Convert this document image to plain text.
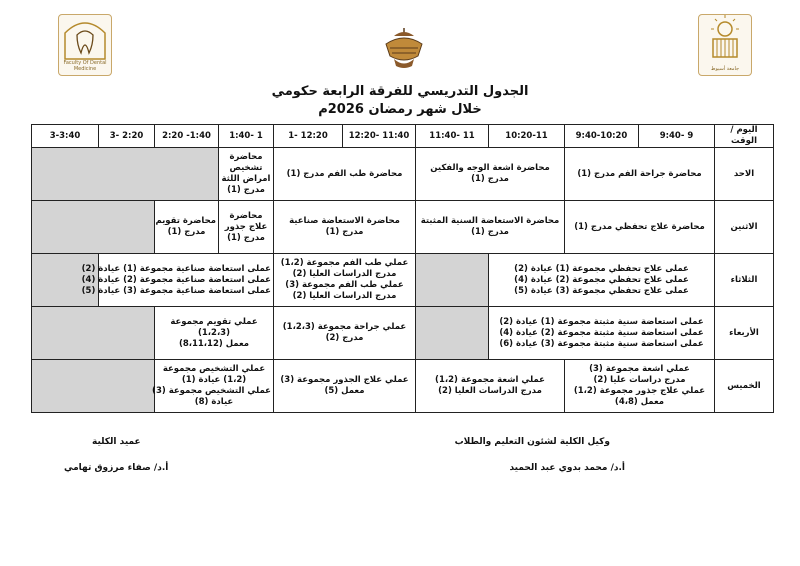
جامعة أسيوط
Faculty Of Dental Medicine
الجدول التدريسي للفرقة الرابعة حكومي
خلال شهر رمضان 2026م
اليوم / الوقت	9 -9:40	9:40-10:20	10:20-11	11 -11:40	11:40 -12:20	12:20 -1	1 -1:40	1:40- 2:20	2:20 -3	3-3:40
الاحد	محاضرة جراحة الفم مدرج (1)		محاضرة اشعة الوجه والفكين
مدرج (1)		محاضرة طب الفم مدرج (1)		محاضرة
تشخيص
امراض اللثة
مدرج (1)			

الاثنين	محاضرة علاج تحفظي مدرج (1)		محاضرة الاستعاضة السنية المثبتة
مدرج (1)		محاضرة الاستعاضة صناعية
مدرج (1)		محاضرة
علاج جذور
مدرج (1)	محاضرة تقويم
مدرج (1)		

الثلاثاء	عملى علاج تحفظي مجموعة (1) عيادة (2)
عملى علاج تحفظي مجموعة (2) عيادة (4)
عملى علاج تحفظي مجموعة (3) عيادة (5)				عملي طب الفم مجموعة (1،2)
مدرج الدراسات العليا (2)
عملي طب الفم مجموعة (3)
مدرج الدراسات العليا (2)		عملى استعاضة صناعية مجموعة (1) عيادة (2)
عملى استعاضة صناعية مجموعة (2) عيادة (4)
عملى استعاضة صناعية مجموعة (3) عيادة (5)			

الأربعاء	عملى استعاضة سنية مثبتة مجموعة (1) عيادة (2)
عملى استعاضة سنية مثبتة مجموعة (2) عيادة (4)
عملى استعاضة سنية مثبتة مجموعة (3) عيادة (6)				عملي جراحة مجموعة (1،2،3)
مدرج (2)		عملي تقويم مجموعة
(1،2،3)
معمل (8،11،12)			

الخميس	عملي اشعة مجموعة (3)
مدرج دراسات عليا (2)
عملي علاج جذور مجموعة (1،2)
معمل (4،8)		عملي اشعة مجموعة (1،2)
مدرج الدراسات العليا (2)		عملي علاج الجذور مجموعة (3)
معمل (5)		عملي التشخيص مجموعة
(1،2) عيادة (1)
عملي التشخيص مجموعة (3)
عيادة (8)			

وكيل الكلية لشئون التعليم والطلاب
أ.د/ محمد بدوي عبد الحميد
عميد الكلية
أ.د/ صفاء مرزوق تهامي
